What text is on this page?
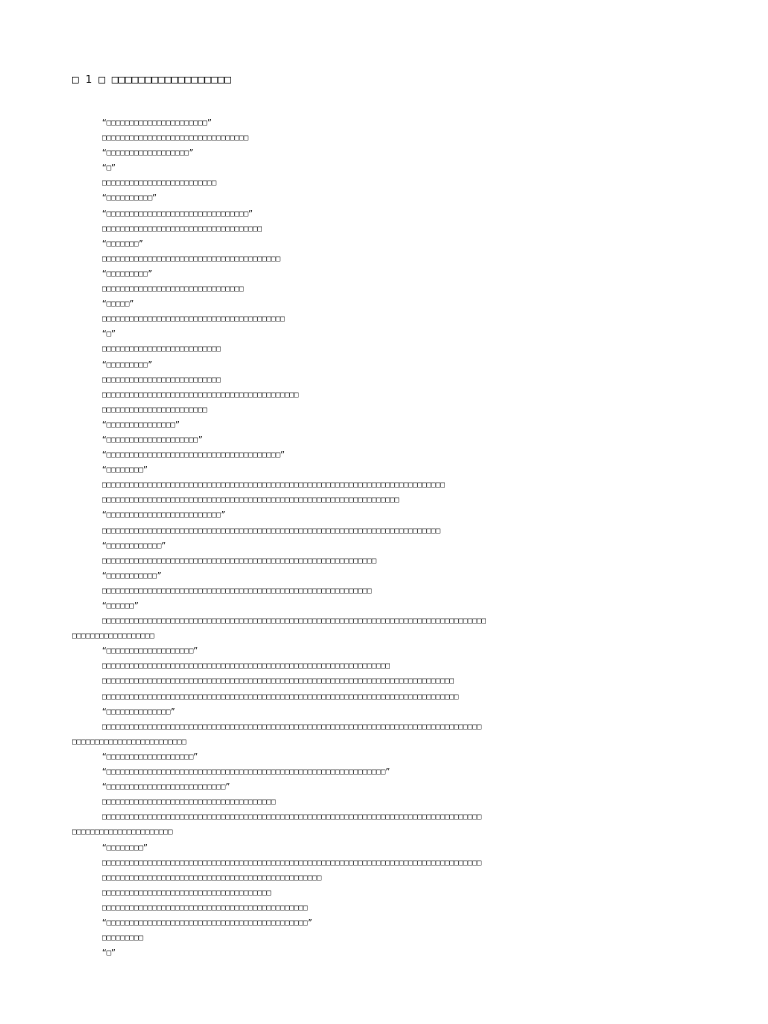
□ 1 □ □□□□□□□□□□□□□□□□□□
“□□□□□□□□□□□□□□□□□□□□□□”
□□□□□□□□□□□□□□□□□□□□□□□□□□□□□□□□
“□□□□□□□□□□□□□□□□□□”
“□”
□□□□□□□□□□□□□□□□□□□□□□□□□
“□□□□□□□□□□”
“□□□□□□□□□□□□□□□□□□□□□□□□□□□□□□□”
□□□□□□□□□□□□□□□□□□□□□□□□□□□□□□□□□□□
“□□□□□□□”
□□□□□□□□□□□□□□□□□□□□□□□□□□□□□□□□□□□□□□□
“□□□□□□□□□”
□□□□□□□□□□□□□□□□□□□□□□□□□□□□□□□
“□□□□□”
□□□□□□□□□□□□□□□□□□□□□□□□□□□□□□□□□□□□□□□□
“□”
□□□□□□□□□□□□□□□□□□□□□□□□□□
“□□□□□□□□□”
□□□□□□□□□□□□□□□□□□□□□□□□□□
□□□□□□□□□□□□□□□□□□□□□□□□□□□□□□□□□□□□□□□□□□□
□□□□□□□□□□□□□□□□□□□□□□□
“□□□□□□□□□□□□□□□”
“□□□□□□□□□□□□□□□□□□□□”
“□□□□□□□□□□□□□□□□□□□□□□□□□□□□□□□□□□□□□□”
“□□□□□□□□”
□□□□□□□□□□□□□□□□□□□□□□□□□□□□□□□□□□□□□□□□□□□□□□□□□□□□□□□□□□□□□□□□□□□□□□□□□□□
□□□□□□□□□□□□□□□□□□□□□□□□□□□□□□□□□□□□□□□□□□□□□□□□□□□□□□□□□□□□□□□□□
“□□□□□□□□□□□□□□□□□□□□□□□□□”
□□□□□□□□□□□□□□□□□□□□□□□□□□□□□□□□□□□□□□□□□□□□□□□□□□□□□□□□□□□□□□□□□□□□□□□□□□
“□□□□□□□□□□□□”
□□□□□□□□□□□□□□□□□□□□□□□□□□□□□□□□□□□□□□□□□□□□□□□□□□□□□□□□□□□□
“□□□□□□□□□□□”
□□□□□□□□□□□□□□□□□□□□□□□□□□□□□□□□□□□□□□□□□□□□□□□□□□□□□□□□□□□
“□□□□□□”
□□□□□□□□□□□□□□□□□□□□□□□□□□□□□□□□□□□□□□□□□□□□□□□□□□□□□□□□□□□□□□□□□□□□□□□□□□□□□□□□□□□□
□□□□□□□□□□□□□□□□□□
“□□□□□□□□□□□□□□□□□□□”
□□□□□□□□□□□□□□□□□□□□□□□□□□□□□□□□□□□□□□□□□□□□□□□□□□□□□□□□□□□□□□□
□□□□□□□□□□□□□□□□□□□□□□□□□□□□□□□□□□□□□□□□□□□□□□□□□□□□□□□□□□□□□□□□□□□□□□□□□□□□□
□□□□□□□□□□□□□□□□□□□□□□□□□□□□□□□□□□□□□□□□□□□□□□□□□□□□□□□□□□□□□□□□□□□□□□□□□□□□□□
“□□□□□□□□□□□□□□”
□□□□□□□□□□□□□□□□□□□□□□□□□□□□□□□□□□□□□□□□□□□□□□□□□□□□□□□□□□□□□□□□□□□□□□□□□□□□□□□□□□□
□□□□□□□□□□□□□□□□□□□□□□□□□
“□□□□□□□□□□□□□□□□□□□”
“□□□□□□□□□□□□□□□□□□□□□□□□□□□□□□□□□□□□□□□□□□□□□□□□□□□□□□□□□□□□□”
“□□□□□□□□□□□□□□□□□□□□□□□□□□”
□□□□□□□□□□□□□□□□□□□□□□□□□□□□□□□□□□□□□□
□□□□□□□□□□□□□□□□□□□□□□□□□□□□□□□□□□□□□□□□□□□□□□□□□□□□□□□□□□□□□□□□□□□□□□□□□□□□□□□□□□□
□□□□□□□□□□□□□□□□□□□□□□
“□□□□□□□□”
□□□□□□□□□□□□□□□□□□□□□□□□□□□□□□□□□□□□□□□□□□□□□□□□□□□□□□□□□□□□□□□□□□□□□□□□□□□□□□□□□□□
□□□□□□□□□□□□□□□□□□□□□□□□□□□□□□□□□□□□□□□□□□□□□□□□
□□□□□□□□□□□□□□□□□□□□□□□□□□□□□□□□□□□□□
□□□□□□□□□□□□□□□□□□□□□□□□□□□□□□□□□□□□□□□□□□□□□
“□□□□□□□□□□□□□□□□□□□□□□□□□□□□□□□□□□□□□□□□□□□□”
□□□□□□□□□
“□”
